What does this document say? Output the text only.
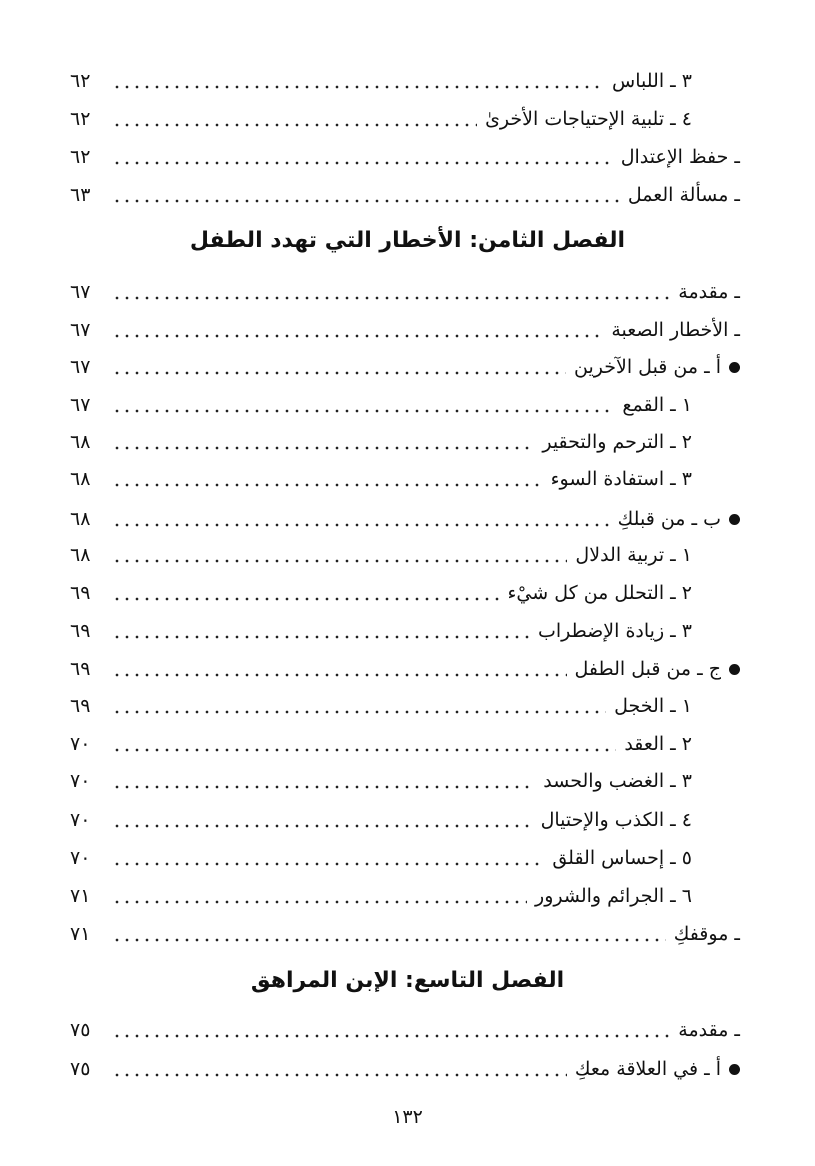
٣ ـ اللباس
٦٢
٤ ـ تلبية الإحتياجات الأخرىٰ
٦٢
ـ حفظ الإعتدال
٦٢
ـ مسألة العمل
٦٣
الفصل الثامن: الأخطار التي تهدد الطفل
ـ مقدمة
٦٧
ـ الأخطار الصعبة
٦٧
أ ـ من قبل الآخرين
٦٧
١ ـ القمع
٦٧
٢ ـ الترحم والتحقير
٦٨
٣ ـ استفادة السوء
٦٨
ب ـ من قبلكِ
٦٨
١ ـ تربية الدلال
٦٨
٢ ـ التحلل من كل شيْء
٦٩
٣ ـ زيادة الإضطراب
٦٩
ج ـ من قبل الطفل
٦٩
١ ـ الخجل
٦٩
٢ ـ العقد
٧٠
٣ ـ الغضب والحسد
٧٠
٤ ـ الكذب والإحتيال
٧٠
٥ ـ إحساس القلق
٧٠
٦ ـ الجرائم والشرور
٧١
ـ موقفكِ
٧١
الفصل التاسع: الإبن المراهق
ـ مقدمة
٧٥
أ ـ في العلاقة معكِ
٧٥
١٣٢
